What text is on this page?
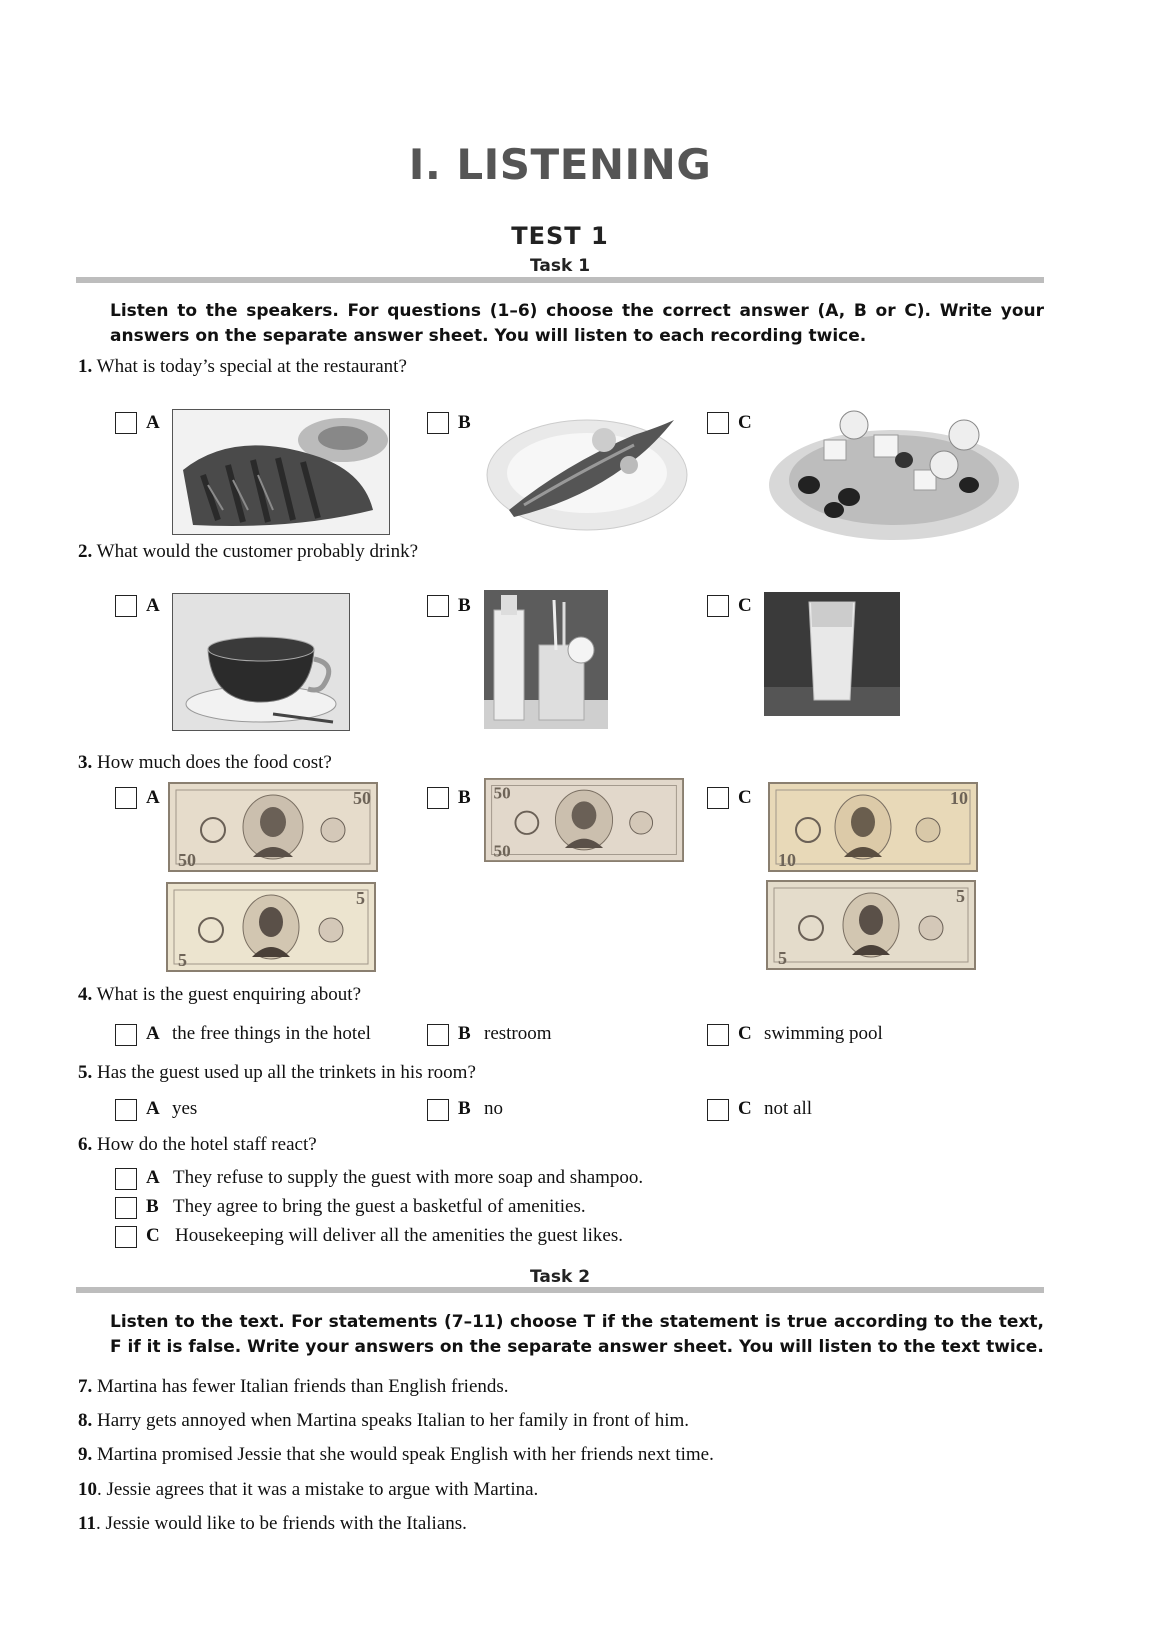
I. LISTENING
TEST 1
Task 1
Listen to the speakers. For questions (1–6) choose the correct answer (A, B or C). Write your answers on the separate answer sheet. You will listen to each recording twice.
1. What is today’s special at the restaurant?
A	B	C
2. What would the customer probably drink?
A	B	C
3. How much does the food cost?
A	50
50
5
5
B 50
50
C	10
10
5
5
4. What is the guest enquiring about?
A the free things in the hotel	B restroom	C swimming pool
5. Has the guest used up all the trinkets in his room?
A yes	B no	C not all
6. How do the hotel staff react?
A They refuse to supply the guest with more soap and shampoo.
B They agree to bring the guest a basketful of amenities.
C Housekeeping will deliver all the amenities the guest likes.
Task 2
Listen to the text. For statements (7–11) choose T if the statement is true according to the text, F if it is false. Write your answers on the separate answer sheet. You will listen to the text twice.
7. Martina has fewer Italian friends than English friends.
8. Harry gets annoyed when Martina speaks Italian to her family in front of him.
9. Martina promised Jessie that she would speak English with her friends next time.
10. Jessie agrees that it was a mistake to argue with Martina.
11. Jessie would like to be friends with the Italians.
